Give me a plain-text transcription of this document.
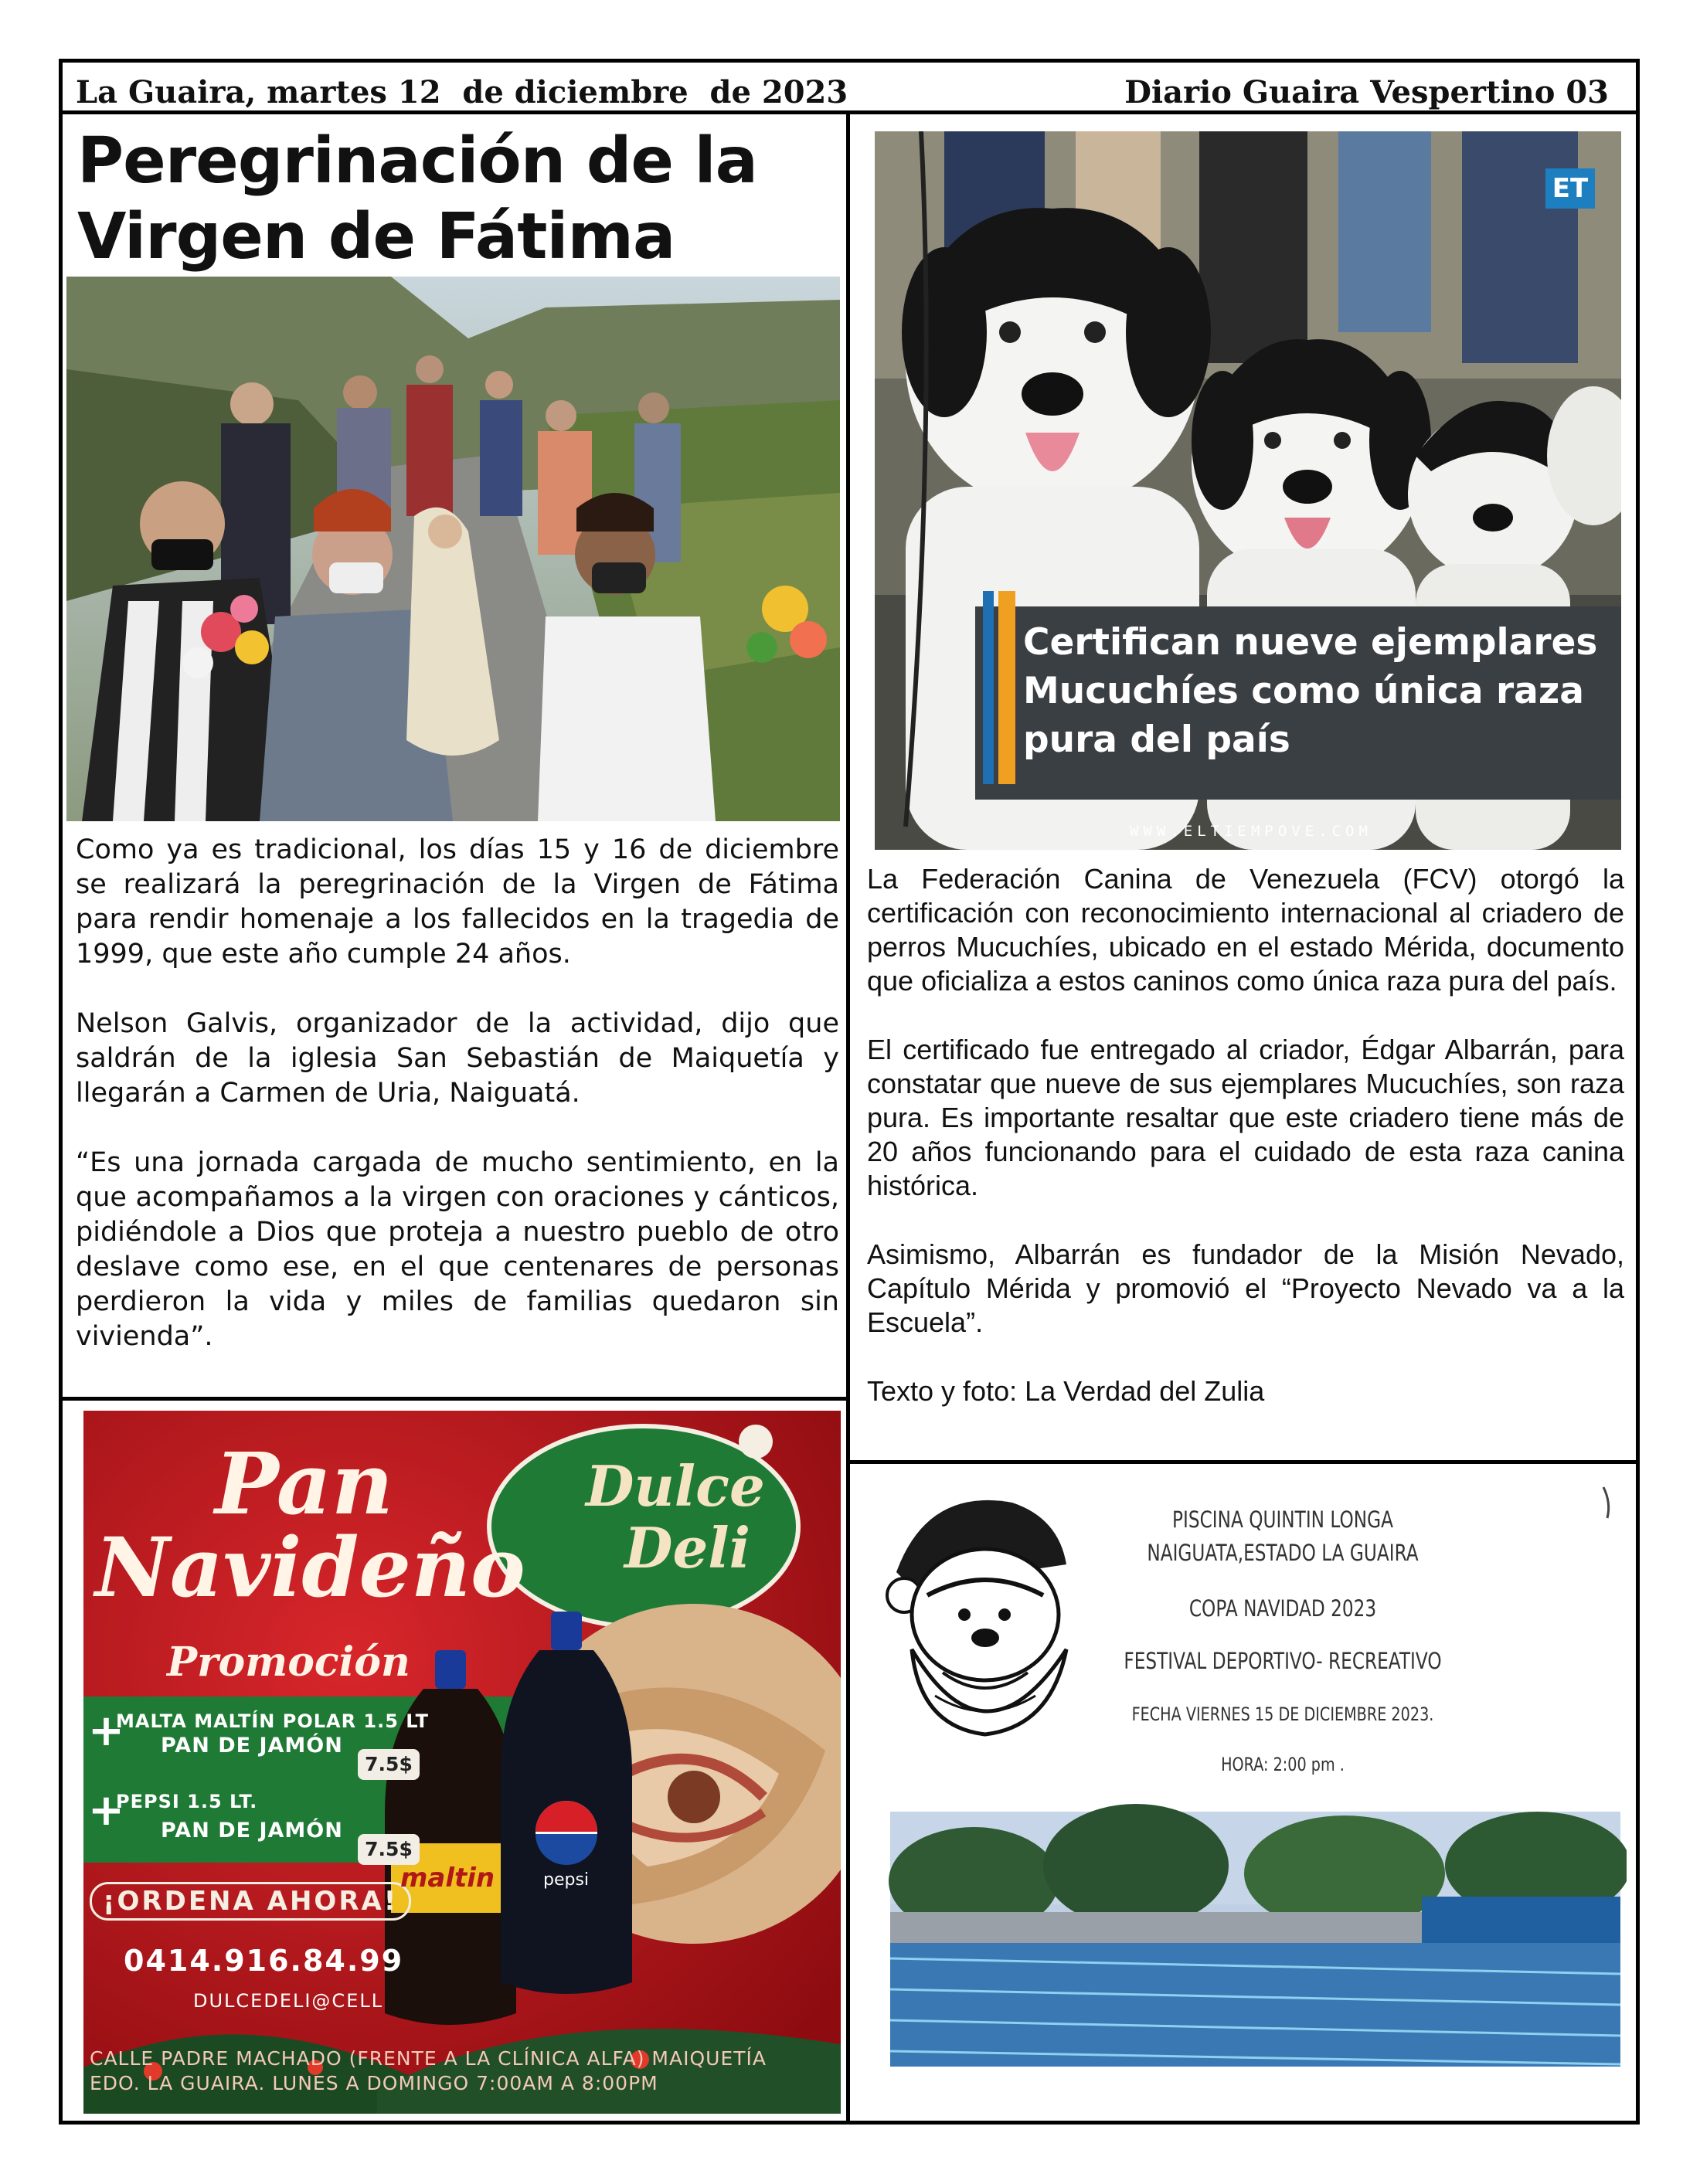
La Guaira, martes 12  de diciembre  de 2023	Diario Guaira Vespertino 03
Peregrinación de la Virgen de Fátima

Como ya es tradicional, los días 15 y 16 de diciembre se realizará la peregrinación de la Virgen de Fátima para rendir homenaje a los fallecidos en la tragedia de 1999, que este año cumple 24 años.

Nelson Galvis, organizador de la actividad, dijo que saldrán de la iglesia San Sebastián de Maiquetía y llegarán a Carmen de Uria, Naiguatá.

“Es una jornada cargada de mucho sentimiento, en la que acompañamos a la virgen con oraciones y cánticos, pidiéndole a Dios que proteja a nuestro pueblo de otro deslave como ese, en el que centenares de personas perdieron la vida y miles de familias quedaron sin vivienda”.

ET
Certifican nueve ejemplares Mucuchíes como única raza pura del país
WWW.ELTIEMPOVE.COM

La Federación Canina de Venezuela (FCV) otorgó la certificación con reconocimiento internacional al criadero de perros Mucuchíes, ubicado en el estado Mérida, documento que oficializa a estos caninos como única raza pura del país.

El certificado fue entregado al criador, Édgar Albarrán, para constatar que nueve de sus ejemplares Mucuchíes, son raza pura. Es importante resaltar que este criadero tiene más de 20 años funcionando para el cuidado de esta raza canina histórica.

Asimismo, Albarrán es fundador de la Misión Nevado, Capítulo Mérida y promovió el “Proyecto Nevado va a la Escuela”.

Texto y foto: La Verdad del Zulia

Pan
Navideño
Dulce
Deli
Promoción
+
MALTA MALTÍN POLAR 1.5 LT
PAN DE JAMÓN
7.5$
+
PEPSI 1.5 LT.
PAN DE JAMÓN
7.5$
¡ORDENA AHORA!
0414.916.84.99
DULCEDELI@CELL
CALLE PADRE MACHADO (FRENTE A LA CLÍNICA ALFA) MAIQUETÍA
EDO. LA GUAIRA. LUNES A DOMINGO 7:00AM A 8:00PM
maltin	pepsi
PISCINA QUINTIN LONGA
NAIGUATA,ESTADO LA GUAIRA
COPA NAVIDAD 2023
FESTIVAL DEPORTIVO- RECREATIVO
FECHA VIERNES 15 DE DICIEMBRE 2023.
HORA: 2:00 pm .
